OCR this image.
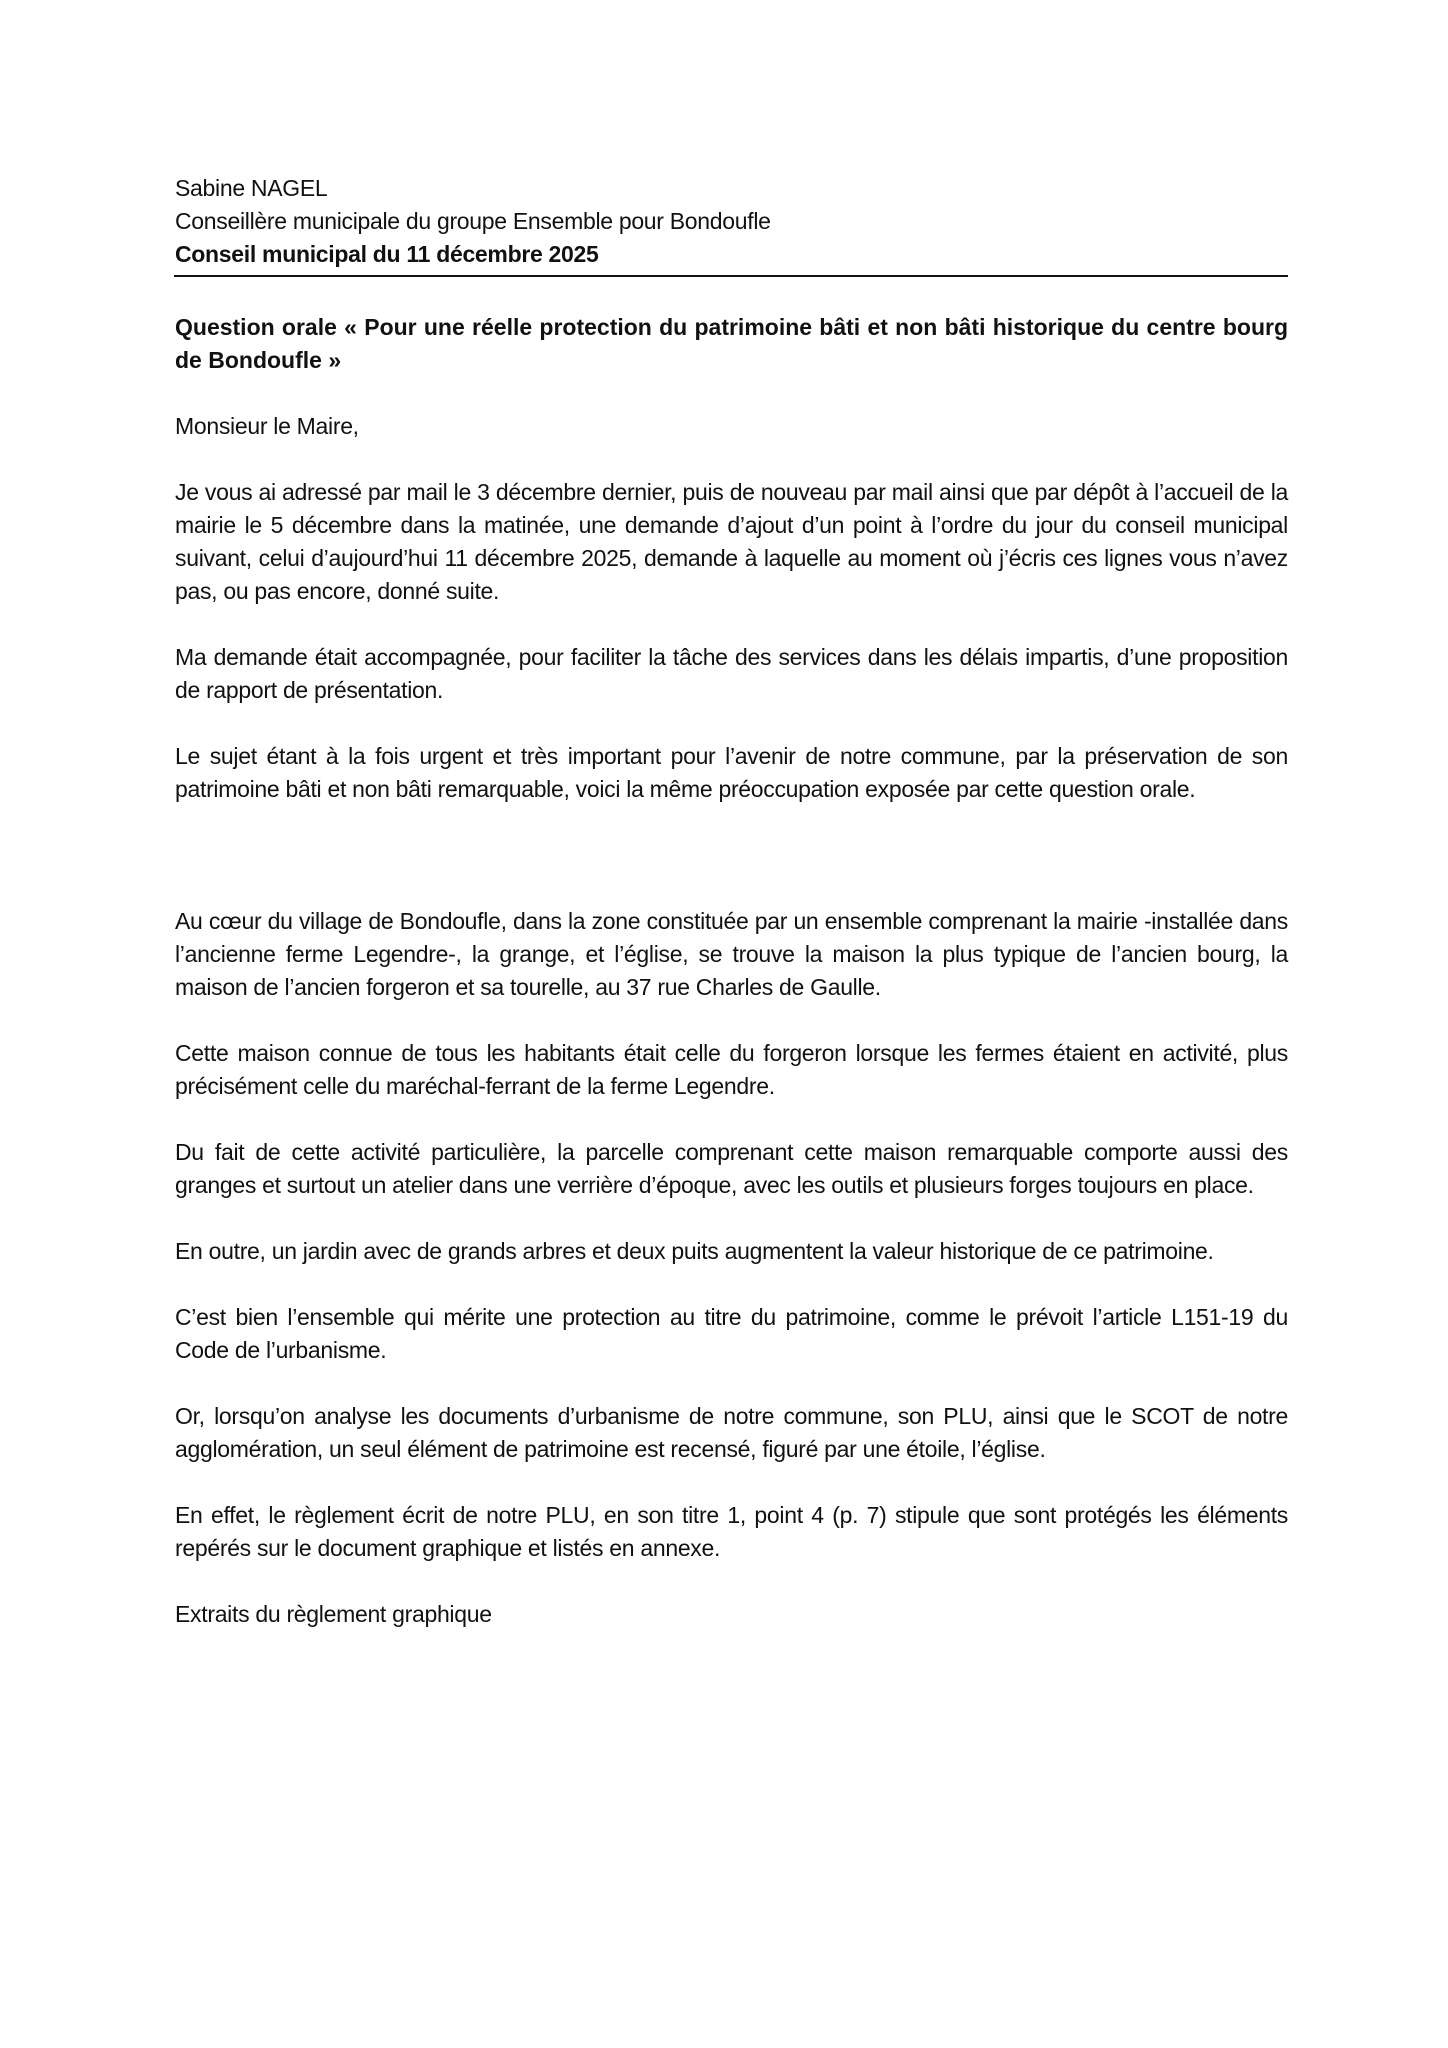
Sabine NAGEL
Conseillère municipale du groupe Ensemble pour Bondoufle
Conseil municipal du 11 décembre 2025
Question orale « Pour une réelle protection du patrimoine bâti et non bâti historique du centre bourg de Bondoufle »

Monsieur le Maire,

Je vous ai adressé par mail le 3 décembre dernier, puis de nouveau par mail ainsi que par dépôt à l’accueil de la mairie le 5 décembre dans la matinée, une demande d’ajout d’un point à l’ordre du jour du conseil municipal suivant, celui d’aujourd’hui 11 décembre 2025, demande à laquelle au moment où j’écris ces lignes vous n’avez pas, ou pas encore, donné suite.

Ma demande était accompagnée, pour faciliter la tâche des services dans les délais impartis, d’une proposition de rapport de présentation.

Le sujet étant à la fois urgent et très important pour l’avenir de notre commune, par la préservation de son patrimoine bâti et non bâti remarquable, voici la même préoccupation exposée par cette question orale.

Au cœur du village de Bondoufle, dans la zone constituée par un ensemble comprenant la mairie -installée dans l’ancienne ferme Legendre-, la grange, et l’église, se trouve la maison la plus typique de l’ancien bourg, la maison de l’ancien forgeron et sa tourelle, au 37 rue Charles de Gaulle.

Cette maison connue de tous les habitants était celle du forgeron lorsque les fermes étaient en activité, plus précisément celle du maréchal-ferrant de la ferme Legendre.

Du fait de cette activité particulière, la parcelle comprenant cette maison remarquable comporte aussi des granges et surtout un atelier dans une verrière d’époque, avec les outils et plusieurs forges toujours en place.

En outre, un jardin avec de grands arbres et deux puits augmentent la valeur historique de ce patrimoine.

C’est bien l’ensemble qui mérite une protection au titre du patrimoine, comme le prévoit l’article L151-19 du Code de l’urbanisme.

Or, lorsqu’on analyse les documents d’urbanisme de notre commune, son PLU, ainsi que le SCOT de notre agglomération, un seul élément de patrimoine est recensé, figuré par une étoile, l’église.

En effet, le règlement écrit de notre PLU, en son titre 1, point 4 (p. 7) stipule que sont protégés les éléments repérés sur le document graphique et listés en annexe.

Extraits du règlement graphique
